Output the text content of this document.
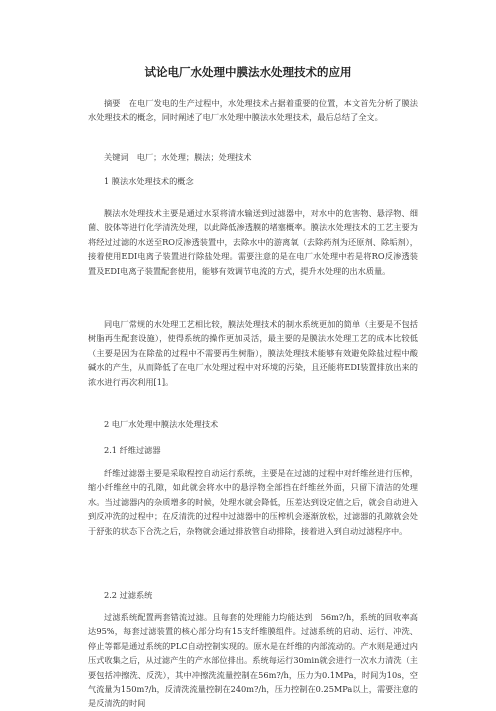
试论电厂水处理中膜法水处理技术的应用

摘要　在电厂发电的生产过程中，水处理技术占据着重要的位置，本文首先分析了膜法水处理技术的概念，同时阐述了电厂水处理中膜法水处理技术，最后总结了全文。

关键词　电厂；水处理；膜法；处理技术

1 膜法水处理技术的概念

膜法水处理技术主要是通过水泵将清水输送到过滤器中，对水中的危害物、悬浮物、细菌、胶体等进行化学清洗处理，以此降低渗透膜的堵塞概率。膜法水处理技术的工艺主要为将经过过滤的水送至RO反渗透装置中，去除水中的游离氧（去除药剂为还原剂、除垢剂），接着使用EDI电离子装置进行除盐处理。需要注意的是在电厂水处理中若是将RO反渗透装置及EDI电离子装置配套使用，能够有效调节电流的方式，提升水处理的出水质量。

同电厂常规的水处理工艺相比较，膜法处理技术的制水系统更加的简单（主要是不包括树脂再生配套设施），使得系统的操作更加灵活，最主要的是膜法水处理工艺的成本比较低（主要是因为在除盐的过程中不需要再生树脂），膜法处理技术能够有效避免除盐过程中酸碱水的产生，从而降低了在电厂水处理过程中对环境的污染，且还能将EDI装置排放出来的浓水进行再次利用[1]。

2 电厂水处理中膜法水处理技术

2.1 纤维过滤器

纤维过滤器主要是采取程控自动运行系统，主要是在过滤的过程中对纤维丝进行压榨，缩小纤维丝中的孔隙，如此就会将水中的悬浮物全部挡在纤维丝外面，只留下清洁的处理水。当过滤器内的杂质增多的时候，处理水就会降低，压差达到设定值之后，就会自动进入到反冲洗的过程中；在反清洗的过程中过滤器中的压榨机会逐渐放松，过滤器的孔隙就会处于舒张的状态下合洗之后，杂物就会通过排放管自动排除，接着进入到自动过滤程序中。

2.2 过滤系统

过滤系统配置两套错流过滤。且每套的处理能力均能达到　56m?/h，系统的回收率高达95%，每套过滤装置的核心部分均有15支纤维膜组件。过滤系统的启动、运行、冲洗、停止等都是通过系统的PLC自动控制实现的。原水是在纤维的内部流动的。产水则是通过内压式收集之后，从过滤产生的产水部位排出。系统每运行30min就会进行一次水力清洗（主要包括冲擦洗、反洗），其中冲擦洗流量控制在56m?/h，压力为0.1MPa，时间为10s，空气流量为150m?/h，反清洗流量控制在240m?/h，压力控制在0.25MPa以上，需要注意的是反清洗的时间
